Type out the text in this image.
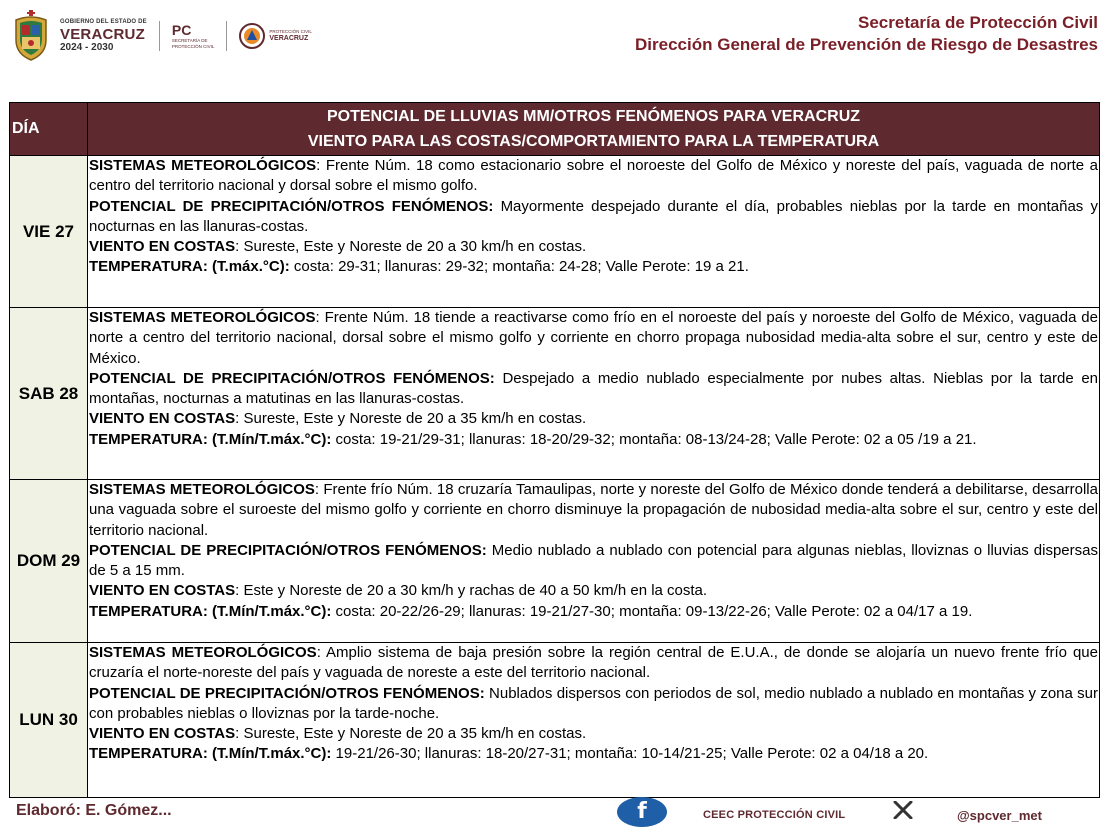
GOBIERNO DEL ESTADO DE
VERACRUZ
2024 - 2030
PC
SECRETARÍA DE
PROTECCIÓN CIVIL
PROTECCIÓN CIVIL
VERACRUZ
Secretaría de Protección Civil
Dirección General de Prevención de Riesgo de Desastres
DÍA	POTENCIAL DE LLUVIAS MM/OTROS FENÓMENOS PARA VERACRUZ
VIENTO PARA LAS COSTAS/COMPORTAMIENTO PARA LA TEMPERATURA

VIE 27	SISTEMAS METEOROLÓGICOS: Frente Núm. 18 como estacionario sobre el noroeste del Golfo de México y noreste del país, vaguada de norte a centro del territorio nacional y dorsal sobre el mismo golfo.

POTENCIAL DE PRECIPITACIÓN/OTROS FENÓMENOS: Mayormente despejado durante el día, probables nieblas por la tarde en montañas y nocturnas en las llanuras-costas.

VIENTO EN COSTAS: Sureste, Este y Noreste de 20 a 30 km/h en costas.

TEMPERATURA: (T.máx.°C): costa: 29-31; llanuras: 29-32; montaña: 24-28; Valle Perote: 19 a 21.

SAB 28	SISTEMAS METEOROLÓGICOS: Frente Núm. 18 tiende a reactivarse como frío en el noroeste del país y noroeste del Golfo de México, vaguada de norte a centro del territorio nacional, dorsal sobre el mismo golfo y corriente en chorro propaga nubosidad media-alta sobre el sur, centro y este de México.

POTENCIAL DE PRECIPITACIÓN/OTROS FENÓMENOS: Despejado a medio nublado especialmente por nubes altas. Nieblas por la tarde en montañas, nocturnas a matutinas en las llanuras-costas.

VIENTO EN COSTAS: Sureste, Este y Noreste de 20 a 35 km/h en costas.

TEMPERATURA: (T.Mín/T.máx.°C): costa: 19-21/29-31; llanuras: 18-20/29-32; montaña: 08-13/24-28; Valle Perote: 02 a 05 /19 a 21.

DOM 29	SISTEMAS METEOROLÓGICOS: Frente frío Núm. 18 cruzaría Tamaulipas, norte y noreste del Golfo de México donde tenderá a debilitarse, desarrolla una vaguada sobre el suroeste del mismo golfo y corriente en chorro disminuye la propagación de nubosidad media-alta sobre el sur, centro y este del territorio nacional.

POTENCIAL DE PRECIPITACIÓN/OTROS FENÓMENOS: Medio nublado a nublado con potencial para algunas nieblas, lloviznas o lluvias dispersas de 5 a 15 mm.

VIENTO EN COSTAS: Este y Noreste de 20 a 30 km/h y rachas de 40 a 50 km/h en la costa.

TEMPERATURA: (T.Mín/T.máx.°C): costa: 20-22/26-29; llanuras: 19-21/27-30; montaña: 09-13/22-26; Valle Perote: 02 a 04/17 a 19.

LUN 30	SISTEMAS METEOROLÓGICOS: Amplio sistema de baja presión sobre la región central de E.U.A., de donde se alojaría un nuevo frente frío que cruzaría el norte-noreste del país y vaguada de noreste a este del territorio nacional.

POTENCIAL DE PRECIPITACIÓN/OTROS FENÓMENOS: Nublados dispersos con periodos de sol, medio nublado a nublado en montañas y zona sur con probables nieblas o lloviznas por la tarde-noche.

VIENTO EN COSTAS: Sureste, Este y Noreste de 20 a 35 km/h en costas.

TEMPERATURA: (T.Mín/T.máx.°C): 19-21/26-30; llanuras: 18-20/27-31; montaña: 10-14/21-25; Valle Perote: 02 a 04/18 a 20.

Elaboró: E. Gómez...	f	CEEC PROTECCIÓN CIVIL	@spcver_met
